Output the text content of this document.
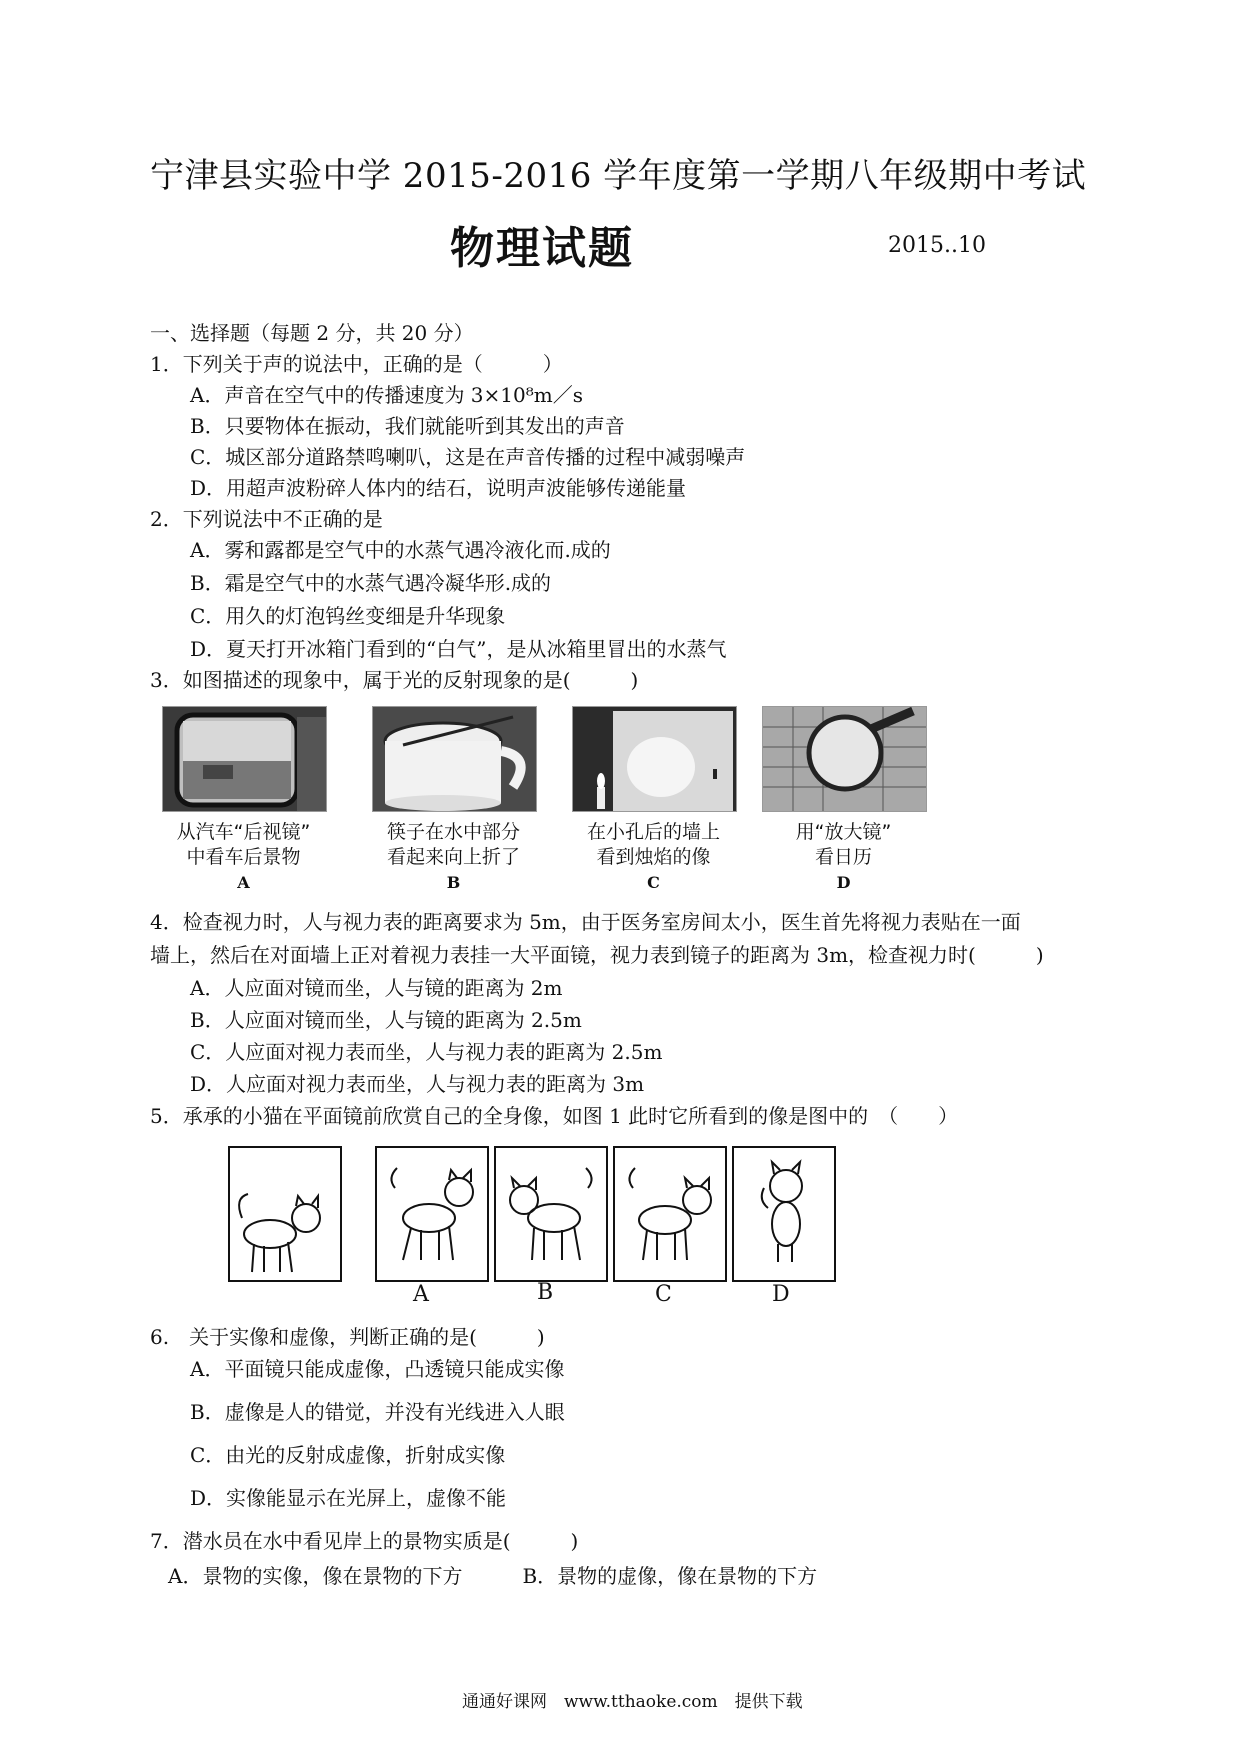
宁津县实验中学 2015-2016 学年度第一学期八年级期中考试
物理试题	2015..10
一、选择题（每题 2 分，共 20 分）
1．下列关于声的说法中，正确的是（　　　）
A．声音在空气中的传播速度为 3×10⁸m／s
B．只要物体在振动，我们就能听到其发出的声音
C．城区部分道路禁鸣喇叭，这是在声音传播的过程中减弱噪声
D．用超声波粉碎人体内的结石，说明声波能够传递能量
2．下列说法中不正确的是
A．雾和露都是空气中的水蒸气遇冷液化而.成的
B．霜是空气中的水蒸气遇冷凝华形.成的
C．用久的灯泡钨丝变细是升华现象
D．夏天打开冰箱门看到的“白气”，是从冰箱里冒出的水蒸气
3．如图描述的现象中，属于光的反射现象的是(　　　)
从汽车“后视镜”
中看车后景物
A
筷子在水中部分
看起来向上折了
B
在小孔后的墙上
看到烛焰的像
C
用“放大镜”
看日历
D
4．检查视力时，人与视力表的距离要求为 5m，由于医务室房间太小，医生首先将视力表贴在一面
墙上，然后在对面墙上正对着视力表挂一大平面镜，视力表到镜子的距离为 3m，检查视力时(　　　)
A．人应面对镜而坐，人与镜的距离为 2m
B．人应面对镜而坐，人与镜的距离为 2.5m
C．人应面对视力表而坐，人与视力表的距离为 2.5m
D．人应面对视力表而坐，人与视力表的距离为 3m
5．承承的小猫在平面镜前欣赏自己的全身像，如图 1 此时它所看到的像是图中的　（　　）
A	B	C	D
6.　关于实像和虚像，判断正确的是(　　　)
A．平面镜只能成虚像，凸透镜只能成实像
B．虚像是人的错觉，并没有光线进入人眼
C．由光的反射成虚像，折射成实像
D．实像能显示在光屏上，虚像不能
7．潜水员在水中看见岸上的景物实质是(　　　)
A．景物的实像，像在景物的下方　　　B．景物的虚像，像在景物的下方
通通好课网　www.tthaoke.com　提供下载
